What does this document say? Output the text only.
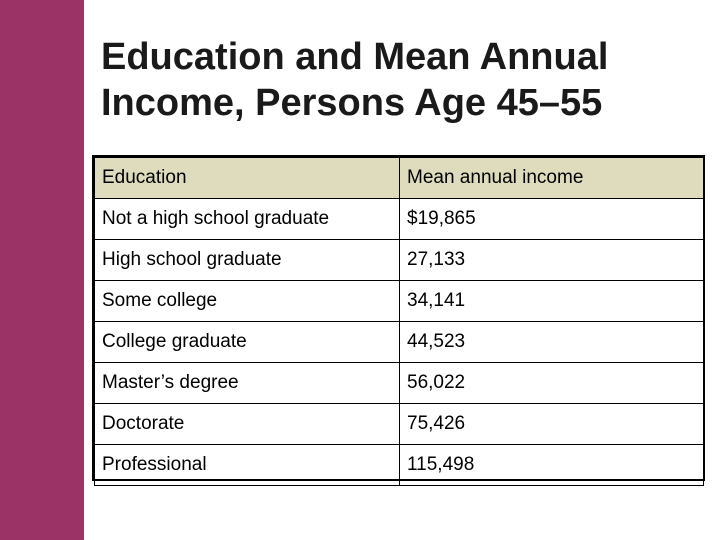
Education and Mean Annual
Income, Persons Age 45–55
Education	Mean annual income
Not a high school graduate	$19,865
High school graduate	27,133
Some college	34,141
College graduate	44,523
Master’s degree	56,022
Doctorate	75,426
Professional	115,498
